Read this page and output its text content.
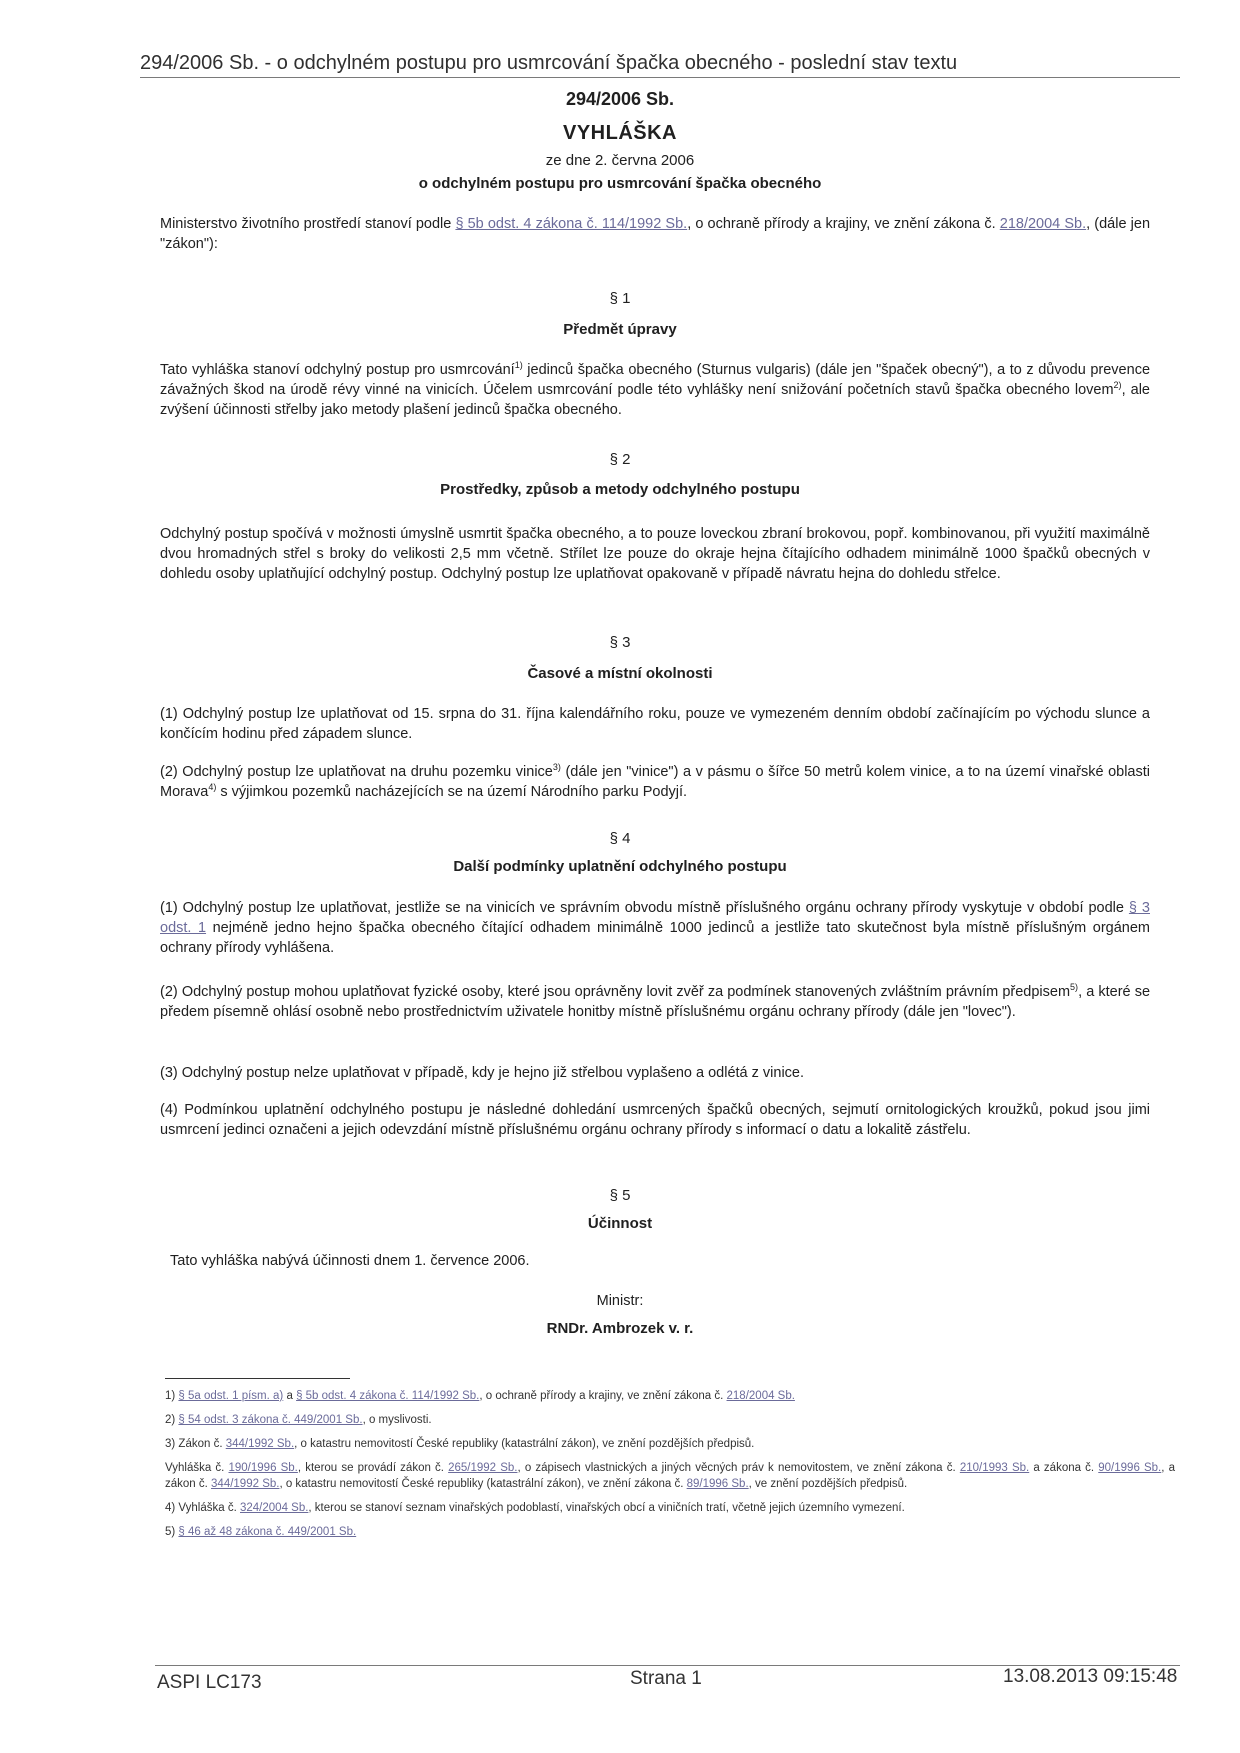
294/2006 Sb. - o odchylném postupu pro usmrcování špačka obecného - poslední stav textu
294/2006 Sb.
VYHLÁŠKA
ze dne 2. června 2006
o odchylném postupu pro usmrcování špačka obecného
Ministerstvo životního prostředí stanoví podle § 5b odst. 4 zákona č. 114/1992 Sb., o ochraně přírody a krajiny, ve znění zákona č. 218/2004 Sb., (dále jen "zákon"):
§ 1
Předmět úpravy
Tato vyhláška stanoví odchylný postup pro usmrcování$^{1)}$ jedinců špačka obecného (Sturnus vulgaris) (dále jen "špaček obecný"), a to z důvodu prevence závažných škod na úrodě révy vinné na vinicích. Účelem usmrcování podle této vyhlášky není snižování početních stavů špačka obecného lovem$^{2)}$, ale zvýšení účinnosti střelby jako metody plašení jedinců špačka obecného.
§ 2
Prostředky, způsob a metody odchylného postupu
Odchylný postup spočívá v možnosti úmyslně usmrtit špačka obecného, a to pouze loveckou zbraní brokovou, popř. kombinovanou, při využití maximálně dvou hromadných střel s broky do velikosti 2,5 mm včetně. Střílet lze pouze do okraje hejna čítajícího odhadem minimálně 1000 špačků obecných v dohledu osoby uplatňující odchylný postup. Odchylný postup lze uplatňovat opakovaně v případě návratu hejna do dohledu střelce.
§ 3
Časové a místní okolnosti
(1) Odchylný postup lze uplatňovat od 15. srpna do 31. října kalendářního roku, pouze ve vymezeném denním období začínajícím po východu slunce a končícím hodinu před západem slunce.
(2) Odchylný postup lze uplatňovat na druhu pozemku vinice$^{3)}$ (dále jen "vinice") a v pásmu o šířce 50 metrů kolem vinice, a to na území vinařské oblasti Morava$^{4)}$ s výjimkou pozemků nacházejících se na území Národního parku Podyjí.
§ 4
Další podmínky uplatnění odchylného postupu
(1) Odchylný postup lze uplatňovat, jestliže se na vinicích ve správním obvodu místně příslušného orgánu ochrany přírody vyskytuje v období podle § 3 odst. 1 nejméně jedno hejno špačka obecného čítající odhadem minimálně 1000 jedinců a jestliže tato skutečnost byla místně příslušným orgánem ochrany přírody vyhlášena.
(2) Odchylný postup mohou uplatňovat fyzické osoby, které jsou oprávněny lovit zvěř za podmínek stanovených zvláštním právním předpisem$^{5)}$, a které se předem písemně ohlásí osobně nebo prostřednictvím uživatele honitby místně příslušnému orgánu ochrany přírody (dále jen "lovec").
(3) Odchylný postup nelze uplatňovat v případě, kdy je hejno již střelbou vyplašeno a odlétá z vinice.
(4) Podmínkou uplatnění odchylného postupu je následné dohledání usmrcených špačků obecných, sejmutí ornitologických kroužků, pokud jsou jimi usmrcení jedinci označeni a jejich odevzdání místně příslušnému orgánu ochrany přírody s informací o datu a lokalitě zástřelu.
§ 5
Účinnost
Tato vyhláška nabývá účinnosti dnem 1. července 2006.
Ministr:
RNDr. Ambrozek v. r.
1) § 5a odst. 1 písm. a) a § 5b odst. 4 zákona č. 114/1992 Sb., o ochraně přírody a krajiny, ve znění zákona č. 218/2004 Sb.
2) § 54 odst. 3 zákona č. 449/2001 Sb., o myslivosti.
3) Zákon č. 344/1992 Sb., o katastru nemovitostí České republiky (katastrální zákon), ve znění pozdějších předpisů.
Vyhláška č. 190/1996 Sb., kterou se provádí zákon č. 265/1992 Sb., o zápisech vlastnických a jiných věcných práv k nemovitostem, ve znění zákona č. 210/1993 Sb. a zákona č. 90/1996 Sb., a zákon č. 344/1992 Sb., o katastru nemovitostí České republiky (katastrální zákon), ve znění zákona č. 89/1996 Sb., ve znění pozdějších předpisů.
4) Vyhláška č. 324/2004 Sb., kterou se stanoví seznam vinařských podoblastí, vinařských obcí a viničních tratí, včetně jejich územního vymezení.
5) § 46 až 48 zákona č. 449/2001 Sb.
ASPI LC173	Strana 1	13.08.2013 09:15:48
